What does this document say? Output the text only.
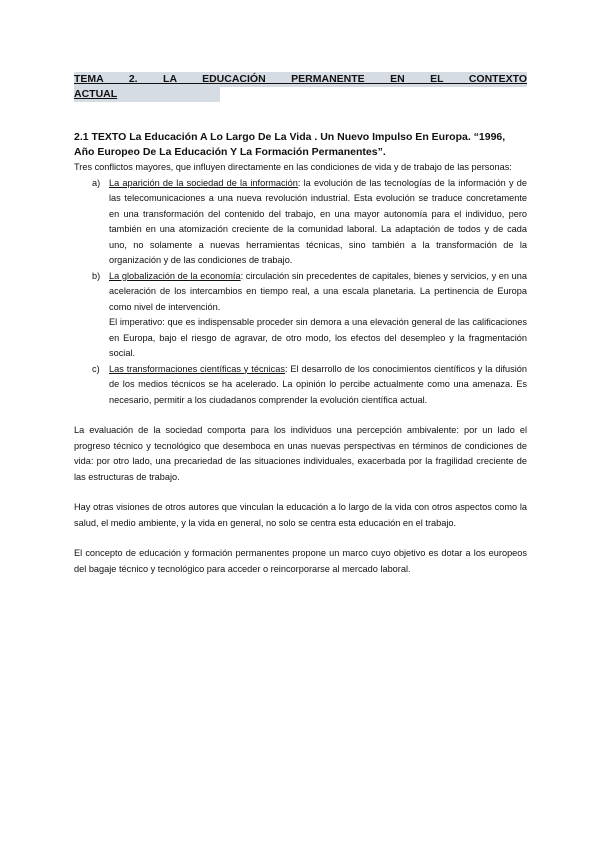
TEMA 2. LA EDUCACIÓN PERMANENTE EN EL CONTEXTO

ACTUAL

2.1 TEXTO La Educación A Lo Largo De La Vida . Un Nuevo Impulso En Europa. “1996, Año Europeo De La Educación Y La Formación Permanentes”.

Tres conflictos mayores, que influyen directamente en las condiciones de vida y de trabajo de las personas:

a) La aparición de la sociedad de la información: la evolución de las tecnologías de la información y de las telecomunicaciones a una nueva revolución industrial. Esta evolución se traduce concretamente en una transformación del contenido del trabajo, en una mayor autonomía para el individuo, pero también en una atomización creciente de la comunidad laboral. La adaptación de todos y de cada uno, no solamente a nuevas herramientas técnicas, sino también a la transformación de la organización y de las condiciones de trabajo.
b) La globalización de la economía: circulación sin precedentes de capitales, bienes y servicios, y en una aceleración de los intercambios en tiempo real, a una escala planetaria. La pertinencia de Europa como nivel de intervención.
El imperativo: que es indispensable proceder sin demora a una elevación general de las calificaciones en Europa, bajo el riesgo de agravar, de otro modo, los efectos del desempleo y la fragmentación social.
c) Las transformaciones científicas y técnicas: El desarrollo de los conocimientos científicos y la difusión de los medios técnicos se ha acelerado. La opinión lo percibe actualmente como una amenaza. Es necesario, permitir a los ciudadanos comprender la evolución científica actual.

La evaluación de la sociedad comporta para los individuos una percepción ambivalente: por un lado el progreso técnico y tecnológico que desemboca en unas nuevas perspectivas en términos de condiciones de vida: por otro lado, una precariedad de las situaciones individuales, exacerbada por la fragilidad creciente de las estructuras de trabajo.

Hay otras visiones de otros autores que vinculan la educación a lo largo de la vida con otros aspectos como la salud, el medio ambiente, y la vida en general, no solo se centra esta educación en el trabajo.

El concepto de educación y formación permanentes propone un marco cuyo objetivo es dotar a los europeos del bagaje técnico y tecnológico para acceder o reincorporarse al mercado laboral.
